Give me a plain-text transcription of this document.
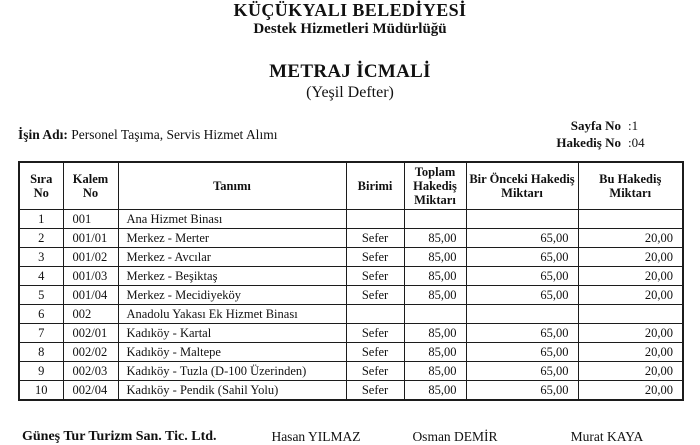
KÜÇÜKYALI BELEDİYESİ
Destek Hizmetleri Müdürlüğü
METRAJ İCMALİ
(Yeşil Defter)
İşin Adı: Personel Taşıma, Servis Hizmet Alımı
Sayfa No :1
Hakediş No :04
Sıra No	Kalem No	Tanımı	Birimi	Toplam Hakediş Miktarı	Bir Önceki Hakediş Miktarı	Bu Hakediş Miktarı
1	001	Ana Hizmet Binası				
2	001/01	Merkez - Merter	Sefer	85,00	65,00	20,00
3	001/02	Merkez - Avcılar	Sefer	85,00	65,00	20,00
4	001/03	Merkez - Beşiktaş	Sefer	85,00	65,00	20,00
5	001/04	Merkez - Mecidiyeköy	Sefer	85,00	65,00	20,00
6	002	Anadolu Yakası Ek Hizmet Binası				
7	002/01	Kadıköy - Kartal	Sefer	85,00	65,00	20,00
8	002/02	Kadıköy - Maltepe	Sefer	85,00	65,00	20,00
9	002/03	Kadıköy - Tuzla (D-100 Üzerinden)	Sefer	85,00	65,00	20,00
10	002/04	Kadıköy - Pendik (Sahil Yolu)	Sefer	85,00	65,00	20,00
Güneş Tur Turizm San. Tic. Ltd.	Hasan YILMAZ	Osman DEMİR	Murat KAYA
